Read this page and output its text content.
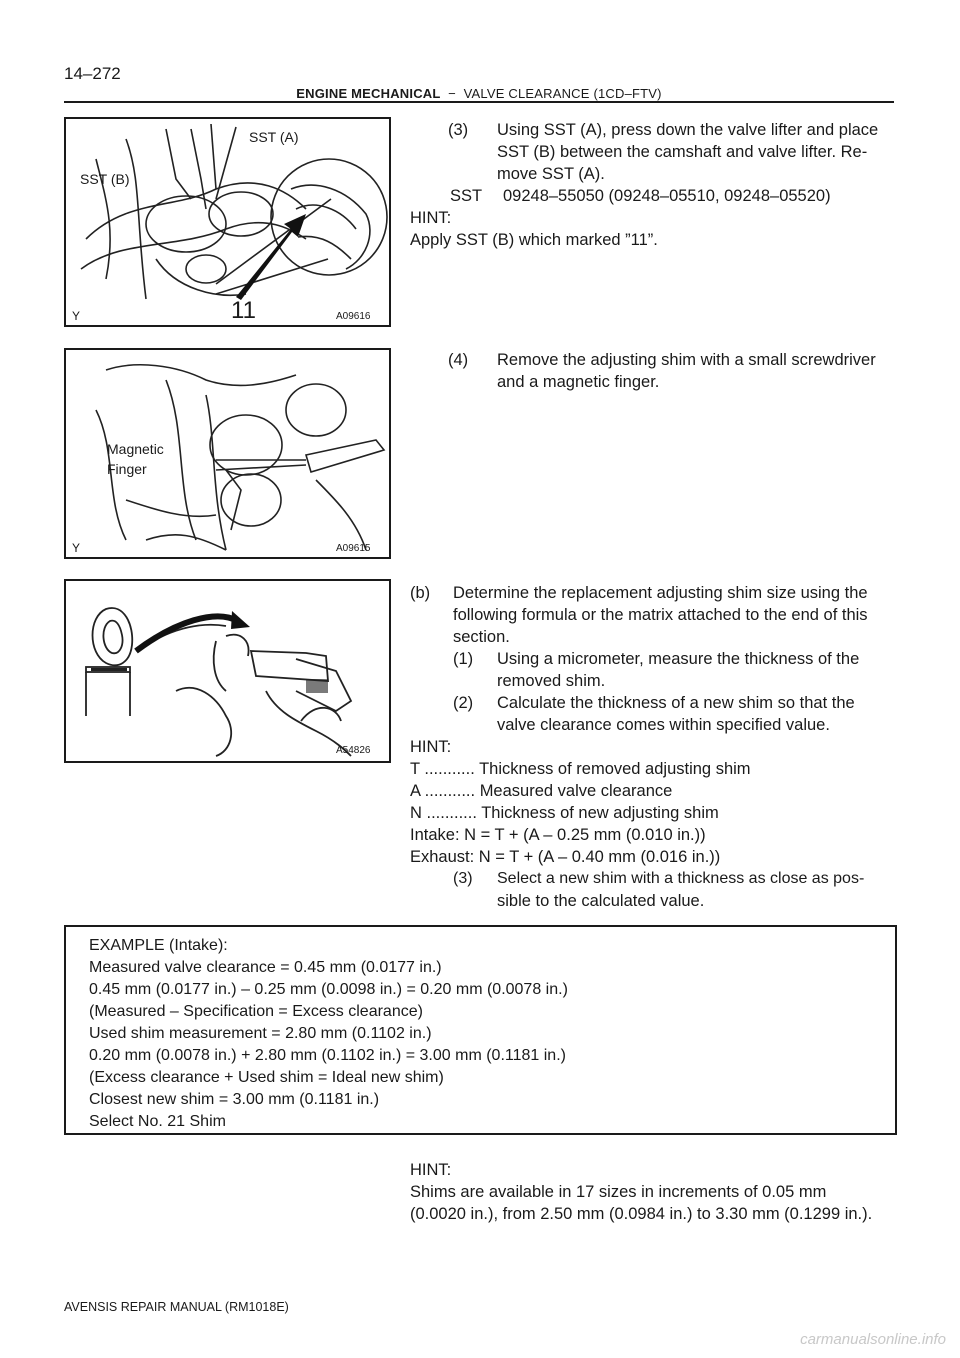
14–272
ENGINE MECHANICAL − VALVE CLEARANCE (1CD–FTV)
SST (A)
SST (B)
11
Y	A09616
Magnetic
Finger
Y	A09615
A54826
(3) Using SST (A), press down the valve lifter and place
SST (B) between the camshaft and valve lifter. Re-
move SST (A).
SST 09248–55050 (09248–05510, 09248–05520)
HINT:
Apply SST (B) which marked ”11”.
(4) Remove the adjusting shim with a small screwdriver
and a magnetic finger.
(b) Determine the replacement adjusting shim size using the
following formula or the matrix attached to the end of this
section.
(1) Using a micrometer, measure the thickness of the
removed shim.
(2) Calculate the thickness of a new shim so that the
valve clearance comes within specified value.
HINT:
T ........... Thickness of removed adjusting shim
A ........... Measured valve clearance
N ........... Thickness of new adjusting shim
Intake: N = T + (A – 0.25 mm (0.010 in.))
Exhaust: N = T + (A – 0.40 mm (0.016 in.))
(3) Select a new shim with a thickness as close as pos-
sible to the calculated value.
EXAMPLE (Intake):
Measured valve clearance = 0.45 mm (0.0177 in.)
0.45 mm (0.0177 in.) – 0.25 mm (0.0098 in.) = 0.20 mm (0.0078 in.)
(Measured – Specification = Excess clearance)
Used shim measurement = 2.80 mm (0.1102 in.)
0.20 mm (0.0078 in.) + 2.80 mm (0.1102 in.) = 3.00 mm (0.1181 in.)
(Excess clearance + Used shim = Ideal new shim)
Closest new shim = 3.00 mm (0.1181 in.)
Select No. 21 Shim
HINT:
Shims are available in 17 sizes in increments of 0.05 mm
(0.0020 in.), from 2.50 mm (0.0984 in.) to 3.30 mm (0.1299 in.).
AVENSIS REPAIR MANUAL (RM1018E)
carmanualsonline.info
